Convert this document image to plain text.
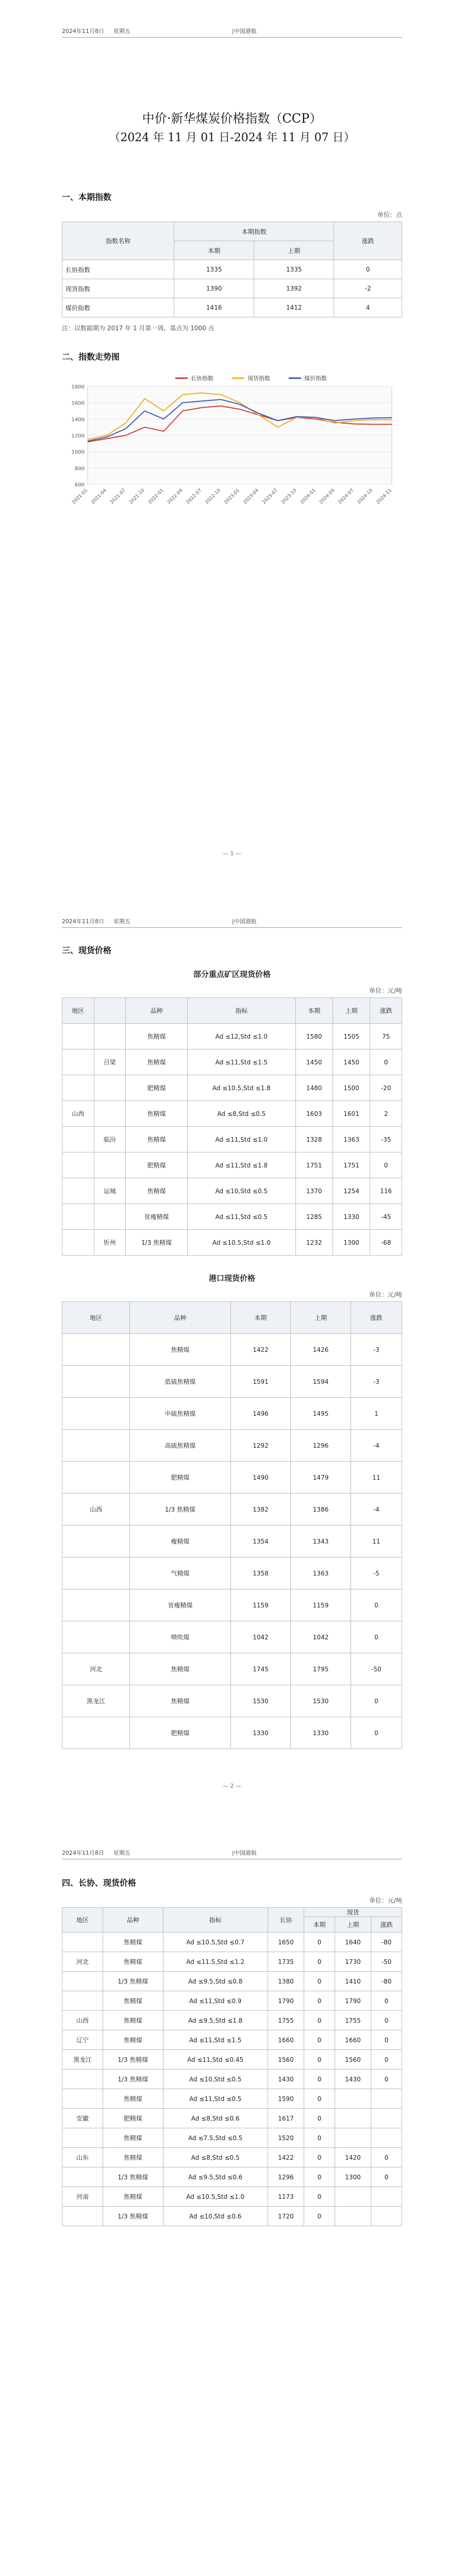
2024年11月8日 星期五	|中国港航
中价·新华煤炭价格指数（CCP）
（2024 年 11 月 01 日-2024 年 11 月 07 日）
一、本期指数
单位：点
指数名称	本期指数		涨跌
	本期	上期	
长协指数	1335	1335	0
现货指数	1390	1392	-2
煤价指数	1416	1412	4
注：以数据期为 2017 年 1 月第一周，基点为 1000 点
二、指数走势图
1800
1600
1400
1200
1000
800
600
2021-01 2021-04 2021-07 2021-10 2022-01 2022-04 2022-07 2022-10 2023-01 2023-04 2023-07 2023-10 2024-01 2024-04 2024-07 2024-10 2024-11
长协指数	现货指数	煤价指数
— 1 —
2024年11月8日 星期五	|中国港航
三、现货价格
部分重点矿区现货价格
单位：元/吨
地区		品种	指标	本期	上期	涨跌
		焦精煤	Ad ≤12,Std ≤1.0	1580	1505	75
	吕梁	焦精煤	Ad ≤11,Std ≤1.5	1450	1450	0
		肥精煤	Ad ≤10.5,Std ≤1.8	1480	1500	-20
山西		焦精煤	Ad ≤8,Std ≤0.5	1603	1601	2
	临汾	焦精煤	Ad ≤11,Std ≤1.0	1328	1363	-35
		肥精煤	Ad ≤11,Std ≤1.8	1751	1751	0
	运城	焦精煤	Ad ≤10,Std ≤0.5	1370	1254	116
		贫瘦精煤	Ad ≤11,Std ≤0.5	1285	1330	-45
	忻州	1/3 焦精煤	Ad ≤10.5,Std ≤1.0	1232	1300	-68
港口现货价格
单位：元/吨
地区	品种	本期	上期	涨跌
	焦精煤	1422	1426	-3
	低硫焦精煤	1591	1594	-3
	中硫焦精煤	1496	1495	1
	高硫焦精煤	1292	1296	-4
	肥精煤	1490	1479	11
山西	1/3 焦精煤	1382	1386	-4
	瘦精煤	1354	1343	11
	气精煤	1358	1363	-5
	贫瘦精煤	1159	1159	0
	喷吹煤	1042	1042	0
河北	焦精煤	1745	1795	-50
黑龙江	焦精煤	1530	1530	0
	肥精煤	1330	1330	0
— 2 —
2024年11月8日 星期五	|中国港航
四、长协、现货价格
单位：元/吨
地区	品种	指标	长协	现货		
				本期	上期	涨跌
	焦精煤	Ad ≤10.5,Std ≤0.7	1650	0	1640	-80
河北	焦精煤	Ad ≤11.5,Std ≤1.2	1735	0	1730	-50
	1/3 焦精煤	Ad ≤9.5,Std ≤0.8	1380	0	1410	-80
	焦精煤	Ad ≤11,Std ≤0.9	1790	0	1790	0
山西	焦精煤	Ad ≤9.5,Std ≤1.8	1755	0	1755	0
辽宁	焦精煤	Ad ≤11,Std ≤1.5	1660	0	1660	0
黑龙江	1/3 焦精煤	Ad ≤11,Std ≤0.45	1560	0	1560	0
	1/3 焦精煤	Ad ≤10,Std ≤0.5	1430	0	1430	0
	焦精煤	Ad ≤11,Std ≤0.5	1590	0		
安徽	肥精煤	Ad ≤8,Std ≤0.6	1617	0		
	焦精煤	Ad ≤7.5,Std ≤0.5	1520	0		
山东	焦精煤	Ad ≤8,Std ≤0.5	1422	0	1420	0
	1/3 焦精煤	Ad ≤9.5,Std ≤0.6	1296	0	1300	0
河南	焦精煤	Ad ≤10.5,Std ≤1.0	1173	0		
	1/3 焦精煤	Ad ≤10,Std ≤0.6	1720	0		
